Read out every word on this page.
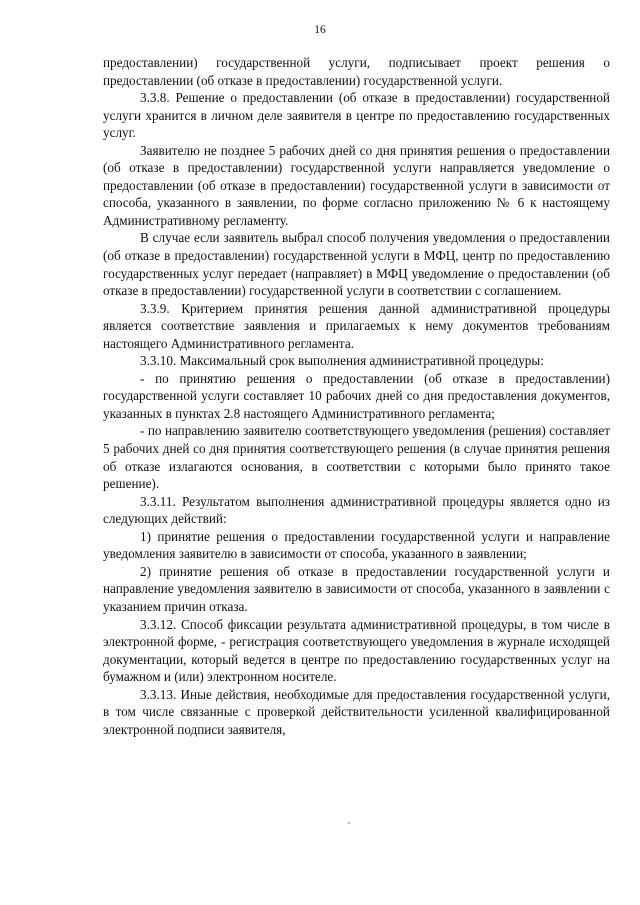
16

предоставлении) государственной услуги, подписывает проект решения о предоставлении (об отказе в предоставлении) государственной услуги.

3.3.8. Решение о предоставлении (об отказе в предоставлении) государственной услуги хранится в личном деле заявителя в центре по предоставлению государственных услуг.

Заявителю не позднее 5 рабочих дней со дня принятия решения о предоставлении (об отказе в предоставлении) государственной услуги направляется уведомление о предоставлении (об отказе в предоставлении) государственной услуги в зависимости от способа, указанного в заявлении, по форме согласно приложению № 6 к настоящему Административному регламенту.

В случае если заявитель выбрал способ получения уведомления о предоставлении (об отказе в предоставлении) государственной услуги в МФЦ, центр по предоставлению государственных услуг передает (направляет) в МФЦ уведомление о предоставлении (об отказе в предоставлении) государственной услуги в соответствии с соглашением.

3.3.9. Критерием принятия решения данной административной процедуры является соответствие заявления и прилагаемых к нему документов требованиям настоящего Административного регламента.

3.3.10. Максимальный срок выполнения административной процедуры:

- по принятию решения о предоставлении (об отказе в предоставлении) государственной услуги составляет 10 рабочих дней со дня предоставления документов, указанных в пунктах 2.8 настоящего Административного регламента;

- по направлению заявителю соответствующего уведомления (решения) составляет 5 рабочих дней со дня принятия соответствующего решения (в случае принятия решения об отказе излагаются основания, в соответствии с которыми было принято такое решение).

3.3.11. Результатом выполнения административной процедуры является одно из следующих действий:

1) принятие решения о предоставлении государственной услуги и направление уведомления заявителю в зависимости от способа, указанного в заявлении;

2) принятие решения об отказе в предоставлении государственной услуги и направление уведомления заявителю в зависимости от способа, указанного в заявлении с указанием причин отказа.

3.3.12. Способ фиксации результата административной процедуры, в том числе в электронной форме, - регистрация соответствующего уведомления в журнале исходящей документации, который ведется в центре по предоставлению государственных услуг на бумажном и (или) электронном носителе.

3.3.13. Иные действия, необходимые для предоставления государственной услуги, в том числе связанные с проверкой действительности усиленной квалифицированной электронной подписи заявителя,
